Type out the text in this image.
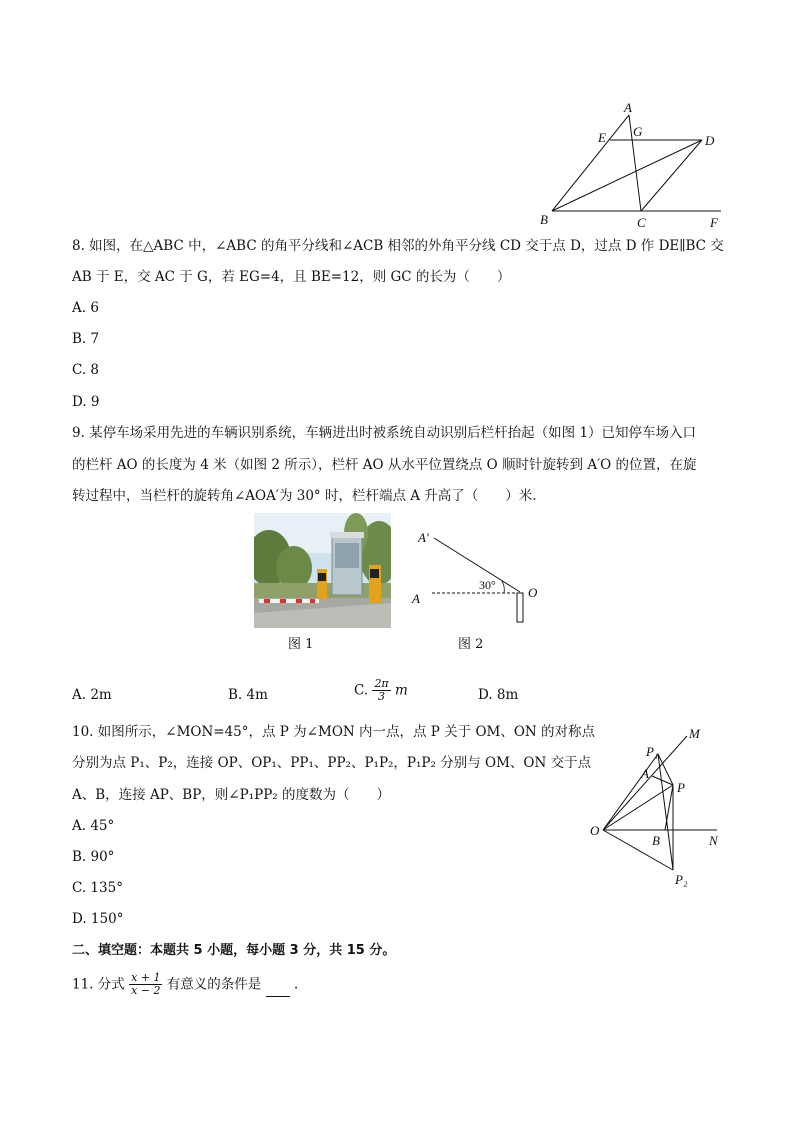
A
G
E	D
B	C	F
8. 如图，在△ABC 中，∠ABC 的角平分线和∠ACB 相邻的外角平分线 CD 交于点 D，过点 D 作 DE∥BC 交
AB 于 E，交 AC 于 G，若 EG=4，且 BE=12，则 GC 的长为（　　）
A. 6
B. 7
C. 8
D. 9
9. 某停车场采用先进的车辆识别系统，车辆进出时被系统自动识别后栏杆抬起（如图 1）已知停车场入口
的栏杆 AO 的长度为 4 米（如图 2 所示），栏杆 AO 从水平位置绕点 O 顺时针旋转到 A′O 的位置，在旋
转过程中，当栏杆的旋转角∠AOA′为 30° 时，栏杆端点 A 升高了（　　）米.
图 1
A′
A	O
30°
图 2
A. 2m	B. 4m	C. $\frac{2\pi}{3}$ m	D. 8m
10. 如图所示，∠MON=45°，点 P 为∠MON 内一点，点 P 关于 OM、ON 的对称点
分别为点 P₁、P₂，连接 OP、OP₁、PP₁、PP₂、P₁P₂，P₁P₂ 分别与 OM、ON 交于点
A、B，连接 AP、BP，则∠P₁PP₂ 的度数为（　　）
A. 45°
B. 90°
C. 135°
D. 150°
M
P₁
A
P
O
B	N
P₂
二、填空题：本题共 5 小题，每小题 3 分，共 15 分。
11. 分式 $\frac{x + 1}{x - 2}$ 有意义的条件是 .
